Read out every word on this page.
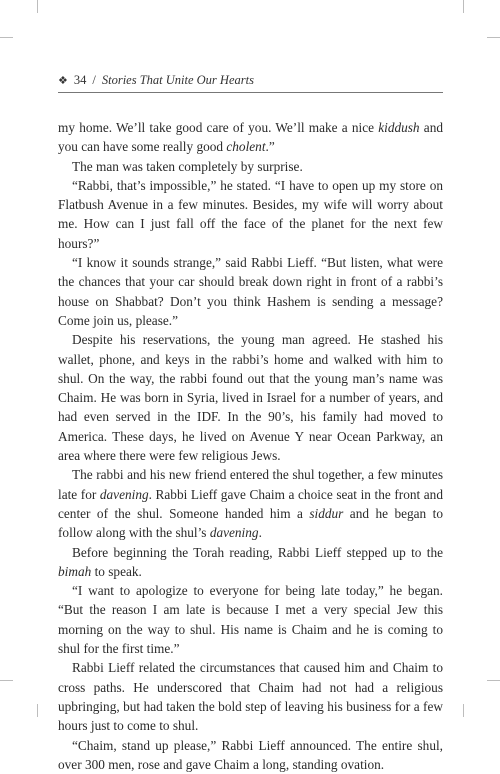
❖ 34 / Stories That Unite Our Hearts

my home. We’ll take good care of you. We’ll make a nice kiddush and you can have some really good cholent.”

The man was taken completely by surprise.

“Rabbi, that’s impossible,” he stated. “I have to open up my store on Flatbush Avenue in a few minutes. Besides, my wife will worry about me. How can I just fall off the face of the planet for the next few hours?”

“I know it sounds strange,” said Rabbi Lieff. “But listen, what were the chances that your car should break down right in front of a rabbi’s house on Shabbat? Don’t you think Hashem is sending a message? Come join us, please.”

Despite his reservations, the young man agreed. He stashed his wallet, phone, and keys in the rabbi’s home and walked with him to shul. On the way, the rabbi found out that the young man’s name was Chaim. He was born in Syria, lived in Israel for a number of years, and had even served in the IDF. In the 90’s, his family had moved to America. These days, he lived on Avenue Y near Ocean Parkway, an area where there were few religious Jews.

The rabbi and his new friend entered the shul together, a few minutes late for davening. Rabbi Lieff gave Chaim a choice seat in the front and center of the shul. Someone handed him a siddur and he began to follow along with the shul’s davening.

Before beginning the Torah reading, Rabbi Lieff stepped up to the bimah to speak.

“I want to apologize to everyone for being late today,” he began. “But the reason I am late is because I met a very special Jew this morning on the way to shul. His name is Chaim and he is coming to shul for the first time.”

Rabbi Lieff related the circumstances that caused him and Chaim to cross paths. He underscored that Chaim had not had a religious upbringing, but had taken the bold step of leaving his business for a few hours just to come to shul.

“Chaim, stand up please,” Rabbi Lieff announced. The entire shul, over 300 men, rose and gave Chaim a long, standing ovation.
